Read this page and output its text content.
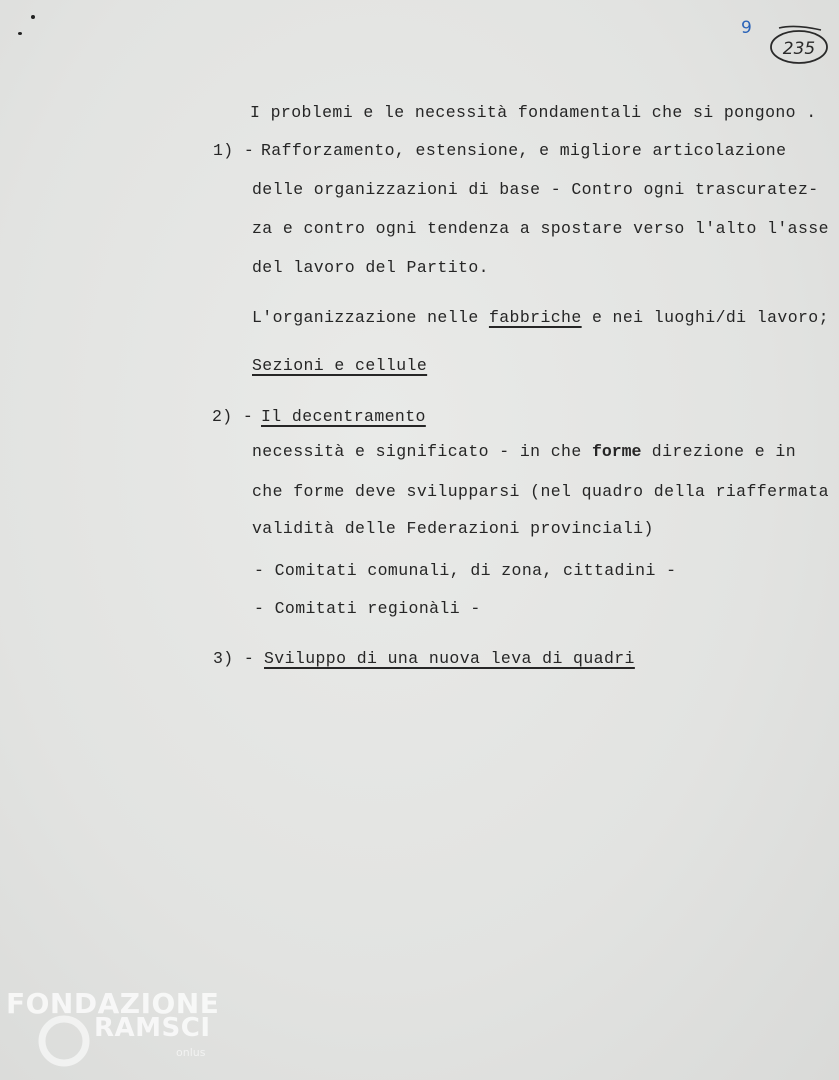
9
235
I problemi e le necessità fondamentali che si pongono .
1) - Rafforzamento, estensione, e migliore articolazione
delle organizzazioni di base - Contro ogni trascuratez-
za e contro ogni tendenza a spostare verso l'alto l'asse
del lavoro del Partito.
L'organizzazione nelle fabbriche e nei luoghi/di lavoro;
Sezioni e cellule
2) - Il decentramento
necessità e significato - in che forme direzione e in
che forme deve svilupparsi (nel quadro della riaffermata
validità delle Federazioni provinciali)
- Comitati comunali, di zona, cittadini -
- Comitati regionàli -
3) - Sviluppo di una nuova leva di quadri
FONDAZIONE
RAMSCI
onlus
